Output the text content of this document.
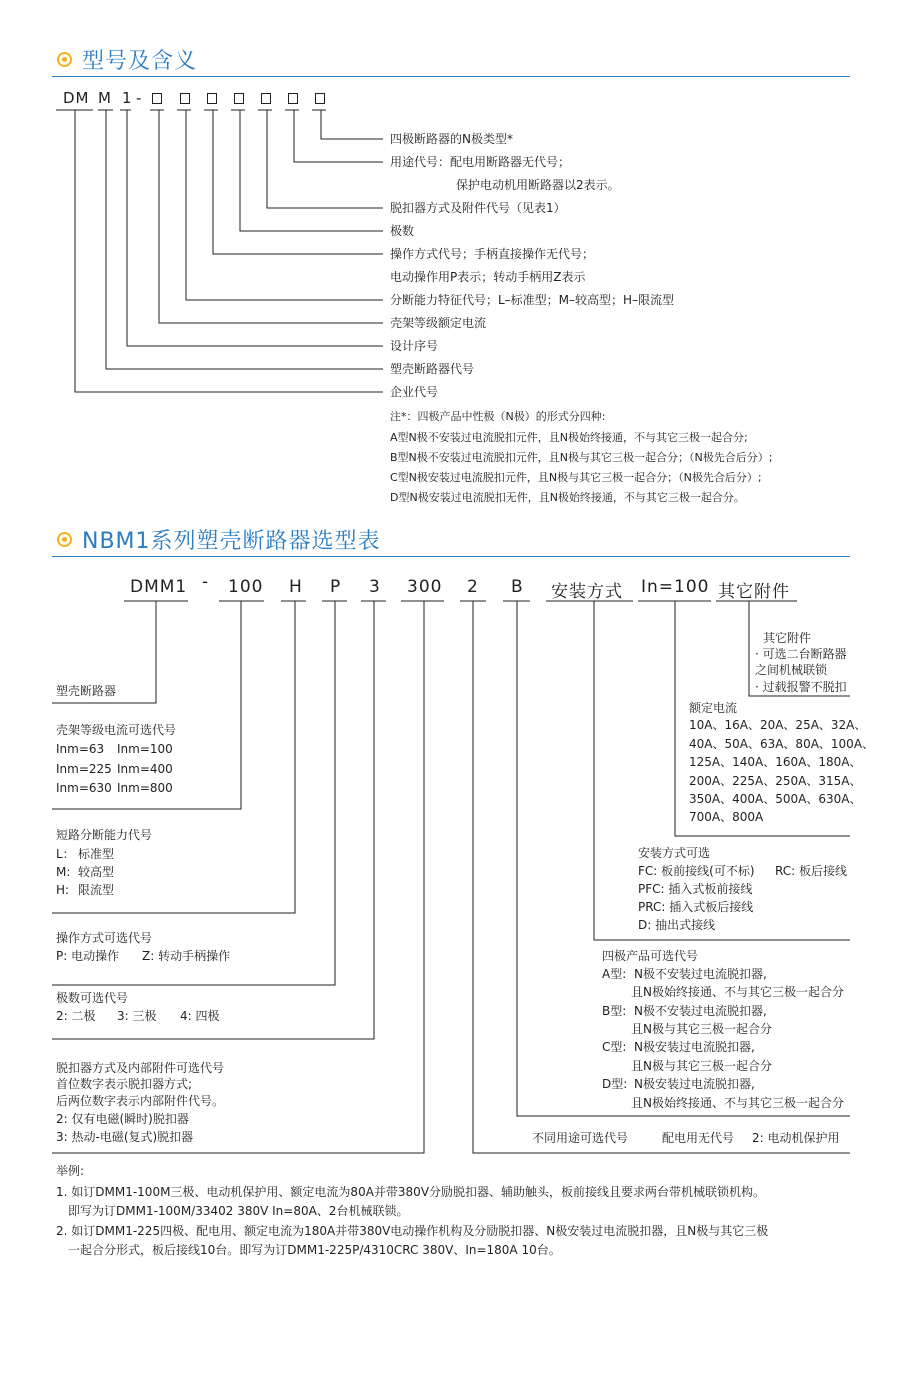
型号及含义
DM M 1 -
四极断路器的N极类型*
用途代号：配电用断路器无代号；
保护电动机用断路器以2表示。
脱扣器方式及附件代号（见表1）
极数
操作方式代号；手柄直接操作无代号；
电动操作用P表示；转动手柄用Z表示
分断能力特征代号；L–标准型；M–较高型；H–限流型
壳架等级额定电流
设计序号
塑壳断路器代号
企业代号
注*：四极产品中性极（N极）的形式分四种:
A型N极不安装过电流脱扣元件，且N极始终接通，不与其它三极一起合分;
B型N极不安装过电流脱扣元件，且N极与其它三极一起合分；（N极先合后分）;
C型N极安装过电流脱扣元件，且N极与其它三极一起合分；（N极先合后分）;
D型N极安装过电流脱扣无件，且N极始终接通，不与其它三极一起合分。
NBM1系列塑壳断路器选型表
DMM1 - 100 H P 3 300 2 B 安装方式 In=100 其它附件
其它附件
· 可选二台断路器
之间机械联锁
· 过载报警不脱扣
额定电流
10A、16A、20A、25A、32A、
40A、50A、63A、80A、100A、
125A、140A、160A、180A、
200A、225A、250A、315A、
350A、400A、500A、630A、
700A、800A
安装方式可选
FC: 板前接线(可不标) RC: 板后接线
PFC: 插入式板前接线
PRC: 插入式板后接线
D: 抽出式接线
四极产品可选代号
A型: N极不安装过电流脱扣器,
且N极始终接通、不与其它三极一起合分
B型: N极不安装过电流脱扣器,
且N极与其它三极一起合分
C型: N极安装过电流脱扣器,
且N极与其它三极一起合分
D型: N极安装过电流脱扣器,
且N极始终接通、不与其它三极一起合分
不同用途可选代号	配电用无代号 2: 电动机保护用
塑壳断路器
壳架等级电流可选代号
Inm=63 Inm=100
Inm=225 Inm=400
Inm=630 Inm=800
短路分断能力代号
L： 标准型
M: 较高型
H: 限流型
操作方式可选代号
P: 电动操作 Z: 转动手柄操作
极数可选代号
2: 二极 3: 三极 4: 四极
脱扣器方式及内部附件可选代号
首位数字表示脱扣器方式;
后两位数字表示内部附件代号。
2: 仅有电磁(瞬时)脱扣器
3: 热动-电磁(复式)脱扣器
举例:
1. 如订DMM1-100M三极、电动机保护用、额定电流为80A并带380V分励脱扣器、辅助触头，板前接线且要求两台带机械联锁机构。
即写为订DMM1-100M/33402 380V In=80A、2台机械联锁。
2. 如订DMM1-225四极、配电用、额定电流为180A并带380V电动操作机构及分励脱扣器、N极安装过电流脱扣器，且N极与其它三极
一起合分形式，板后接线10台。即写为订DMM1-225P/4310CRC 380V、In=180A 10台。
